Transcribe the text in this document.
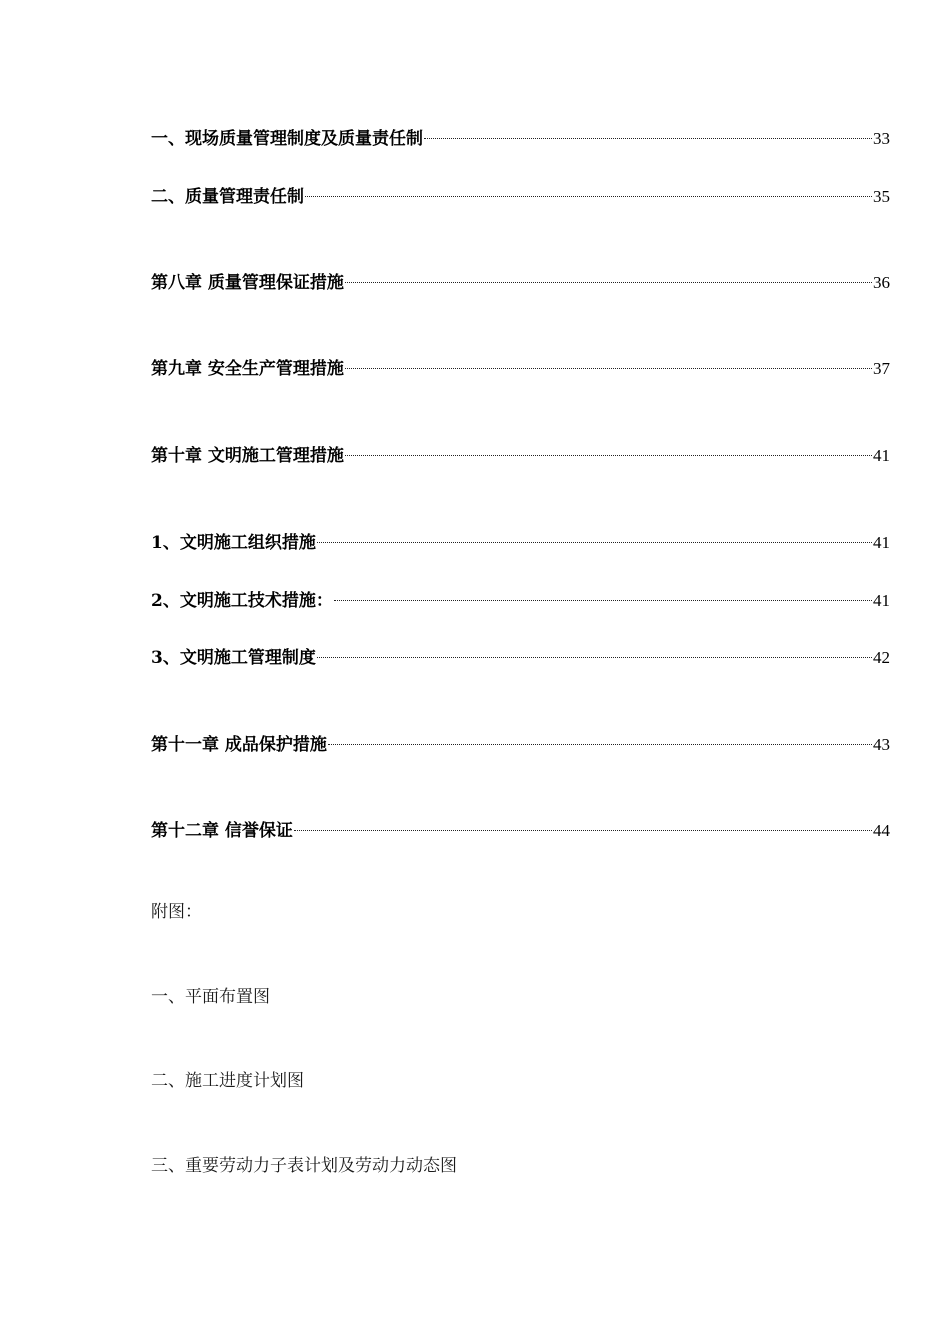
一、现场质量管理制度及质量责任制	33
二、质量管理责任制	35
第八章 质量管理保证措施	36
第九章 安全生产管理措施	37
第十章 文明施工管理措施	41
1、文明施工组织措施	41
2、文明施工技术措施：	41
3、文明施工管理制度	42
第十一章 成品保护措施	43
第十二章 信誉保证	44
附图：
一、平面布置图
二、施工进度计划图
三、重要劳动力子表计划及劳动力动态图
